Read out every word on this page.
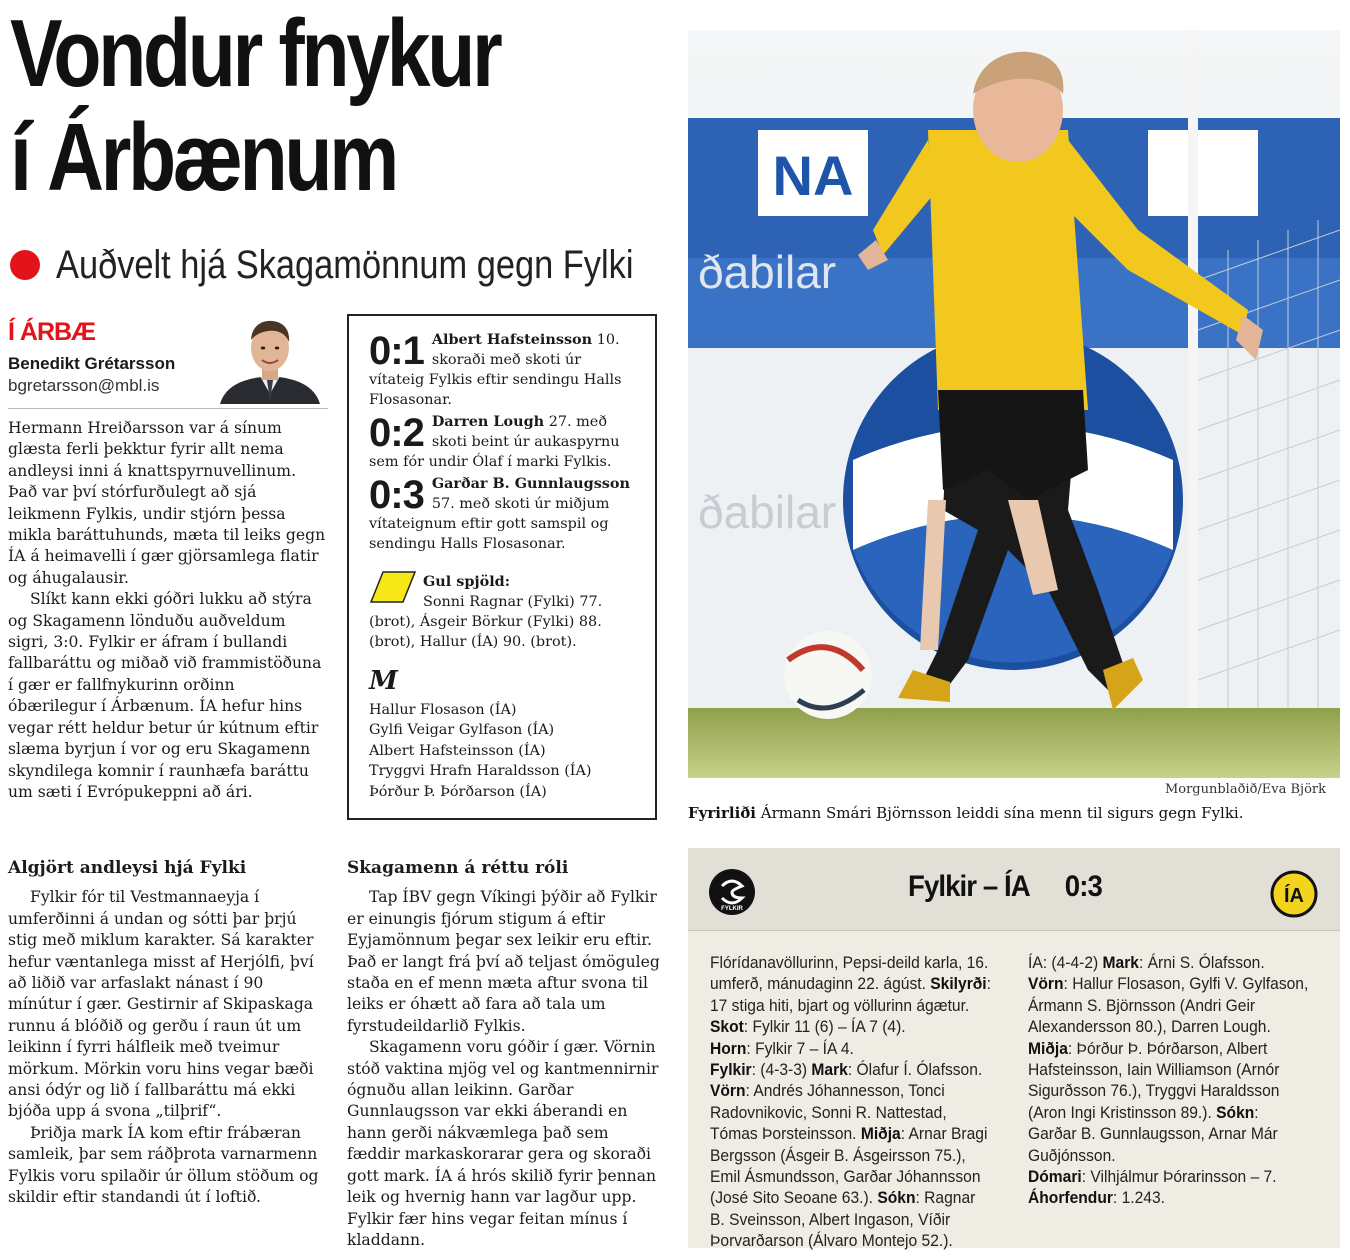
Vondur fnykur
í Árbænum
Auðvelt hjá Skagamönnum gegn Fylki
Í ÁRBÆ
Benedikt Grétarsson
bgretarsson@mbl.is

Hermann Hreiðarsson var á sínum glæsta ferli þekktur fyrir allt nema andleysi inni á knattspyrnuvellinum. Það var því stórfurðulegt að sjá leikmenn Fylkis, undir stjórn þessa mikla baráttuhunds, mæta til leiks gegn ÍA á heimavelli í gær gjörsamlega flatir og áhugalausir.

Slíkt kann ekki góðri lukku að stýra og Skagamenn lönduðu auðveldum sigri, 3:0. Fylkir er áfram í bullandi fallbaráttu og miðað við frammistöðuna í gær er fallfnykurinn orðinn óbærilegur í Árbænum. ÍA hefur hins vegar rétt heldur betur úr kútnum eftir slæma byrjun í vor og eru Skagamenn skyndilega komnir í raunhæfa baráttu um sæti í Evrópukeppni að ári.

0:1 Albert Hafsteinsson 10. skoraði með skoti úr vítateig Fylkis eftir sendingu Halls Flosasonar.
0:2 Darren Lough 27. með skoti beint úr aukaspyrnu sem fór undir Ólaf í marki Fylkis.
0:3 Garðar B. Gunnlaugsson 57. með skoti úr miðjum vítateignum eftir gott samspil og sendingu Halls Flosasonar.
Gul spjöld:
Sonni Ragnar (Fylki) 77. (brot), Ásgeir Börkur (Fylki) 88. (brot), Hallur (ÍA) 90. (brot).
M
Hallur Flosason (ÍA)
Gylfi Veigar Gylfason (ÍA)
Albert Hafsteinsson (ÍA)
Tryggvi Hrafn Haraldsson (ÍA)
Þórður Þ. Þórðarson (ÍA)
Algjört andleysi hjá Fylki

Fylkir fór til Vestmannaeyja í umferðinni á undan og sótti þar þrjú stig með miklum karakter. Sá karakter hefur væntanlega misst af Herjólfi, því að liðið var arfaslakt nánast í 90 mínútur í gær. Gestirnir af Skipaskaga runnu á blóðið og gerðu í raun út um leikinn í fyrri hálfleik með tveimur mörkum. Mörkin voru hins vegar bæði ansi ódýr og lið í fallbaráttu má ekki bjóða upp á svona „tilþrif“.

Þriðja mark ÍA kom eftir frábæran samleik, þar sem ráðþrota varnarmenn Fylkis voru spilaðir úr öllum stöðum og skildir eftir standandi út í loftið.

Skagamenn á réttu róli

Tap ÍBV gegn Víkingi þýðir að Fylkir er einungis fjórum stigum á eftir Eyjamönnum þegar sex leikir eru eftir. Það er langt frá því að teljast ómöguleg staða en ef menn mæta aftur svona til leiks er óhætt að fara að tala um fyrstudeildarlið Fylkis.

Skagamenn voru góðir í gær. Vörnin stóð vaktina mjög vel og kantmennirnir ógnuðu allan leikinn. Garðar Gunnlaugsson var ekki áberandi en hann gerði nákvæmlega það sem fæddir markaskorarar gera og skoraði gott mark. ÍA á hrós skilið fyrir þennan leik og hvernig hann var lagður upp. Fylkir fær hins vegar feitan mínus í kladdann.

NA
ðabilar
ðabilar
Morgunblaðið/Eva Björk
Fyrirliði Ármann Smári Björnsson leiddi sína menn til sigurs gegn Fylki.
FYLKIR
Fylkir – ÍA 0:3	ÍA
Flórídanavöllurinn, Pepsi-deild karla, 16. umferð, mánudaginn 22. ágúst. Skilyrði: 17 stiga hiti, bjart og völlurinn ágætur.
Skot: Fylkir 11 (6) – ÍA 7 (4).
Horn: Fylkir 7 – ÍA 4.
Fylkir: (4-3-3) Mark: Ólafur Í. Ólafsson. Vörn: Andrés Jóhannesson, Tonci Radovnikovic, Sonni R. Nattestad, Tómas Þorsteinsson. Miðja: Arnar Bragi Bergsson (Ásgeir B. Ásgeirsson 75.), Emil Ásmundsson, Garðar Jóhannsson (José Sito Seoane 63.). Sókn: Ragnar B. Sveinsson, Albert Ingason, Víðir Þorvarðarson (Álvaro Montejo 52.).
ÍA: (4-4-2) Mark: Árni S. Ólafsson.
Vörn: Hallur Flosason, Gylfi V. Gylfason, Ármann S. Björnsson (Andri Geir Alexandersson 80.), Darren Lough. Miðja: Þórður Þ. Þórðarson, Albert Hafsteinsson, Iain Williamson (Arnór Sigurðsson 76.), Tryggvi Haraldsson (Aron Ingi Kristinsson 89.). Sókn: Garðar B. Gunnlaugsson, Arnar Már Guðjónsson.
Dómari: Vilhjálmur Þórarinsson – 7.
Áhorfendur: 1.243.
